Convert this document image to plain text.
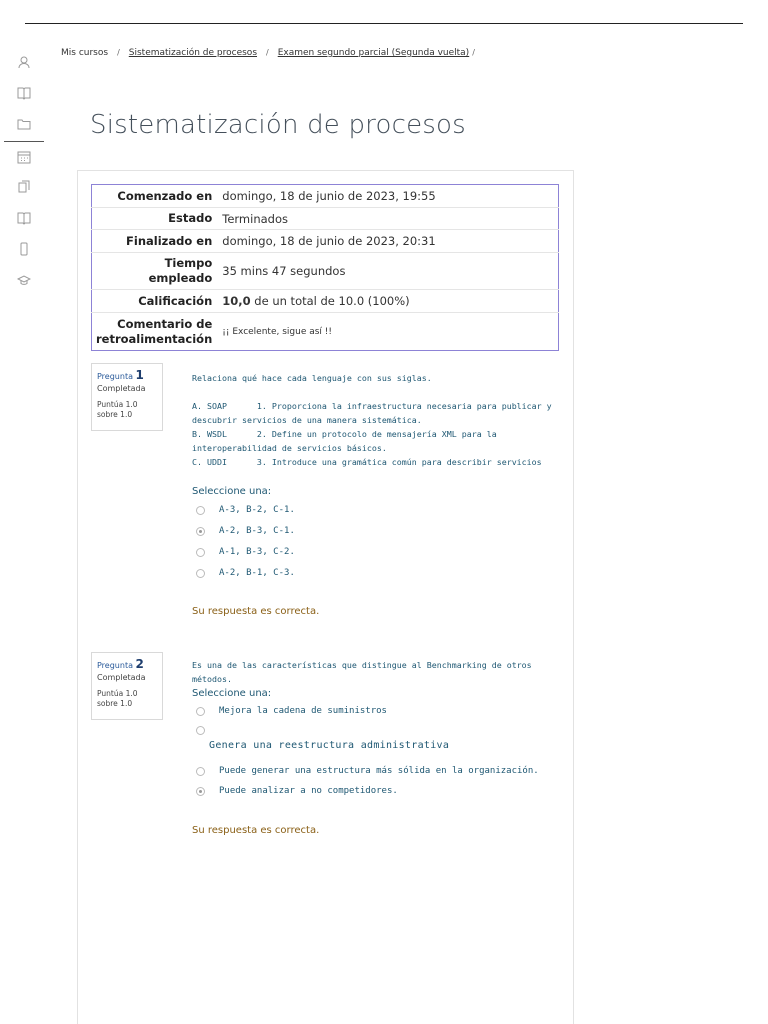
Mis cursos / Sistematización de procesos / Examen segundo parcial (Segunda vuelta) /
Sistematización de procesos
Comenzado en	domingo, 18 de junio de 2023, 19:55
Estado	Terminados
Finalizado en	domingo, 18 de junio de 2023, 20:31
Tiempo
empleado	35 mins 47 segundos
Calificación	10,0 de un total de 10.0 (100%)
Comentario de
retroalimentación	¡¡ Excelente, sigue así !!
Pregunta 1
Completada
Puntúa 1.0
sobre 1.0
Relaciona qué hace cada lenguaje con sus siglas.
A. SOAP      1. Proporciona la infraestructura necesaria para publicar y
descubrir servicios de una manera sistemática.
B. WSDL      2. Define un protocolo de mensajería XML para la
interoperabilidad de servicios básicos.
C. UDDI      3. Introduce una gramática común para describir servicios
Seleccione una:
A-3, B-2, C-1.
A-2, B-3, C-1.
A-1, B-3, C-2.
A-2, B-1, C-3.
Su respuesta es correcta.
Pregunta 2
Completada
Puntúa 1.0
sobre 1.0
Es una de las características que distingue al Benchmarking de otros métodos.
Seleccione una:
Mejora la cadena de suministros
Genera una reestructura administrativa
Puede generar una estructura más sólida en la organización.
Puede analizar a no competidores.
Su respuesta es correcta.
